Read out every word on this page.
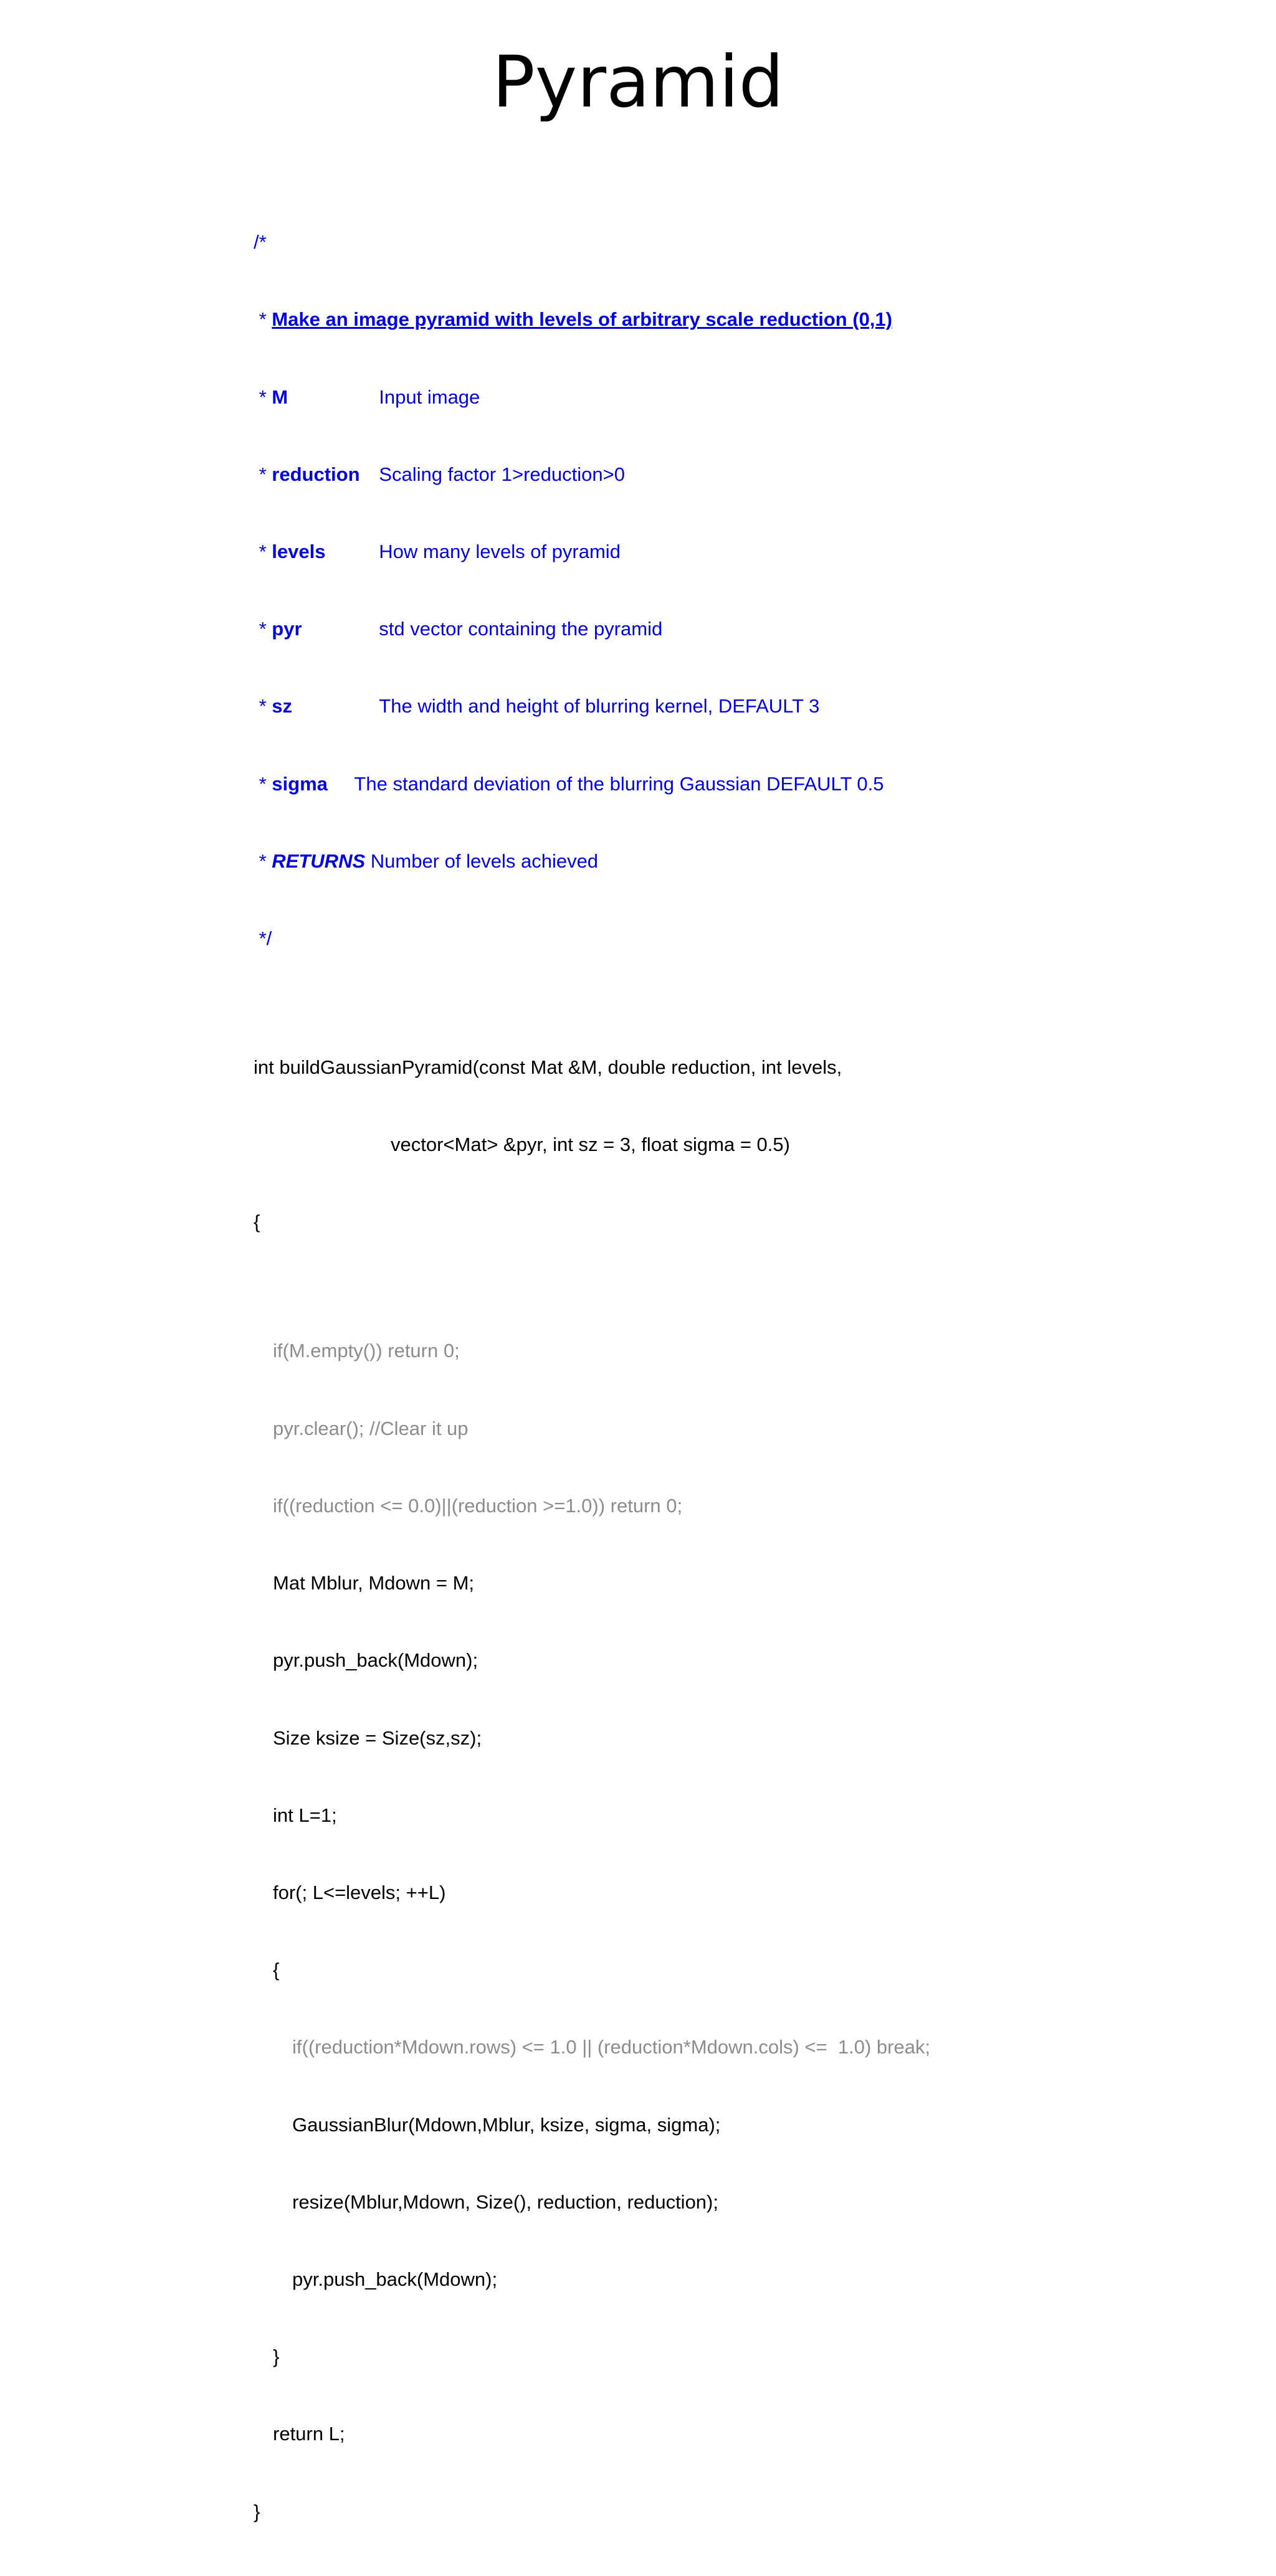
Pyramid

/*

* Make an image pyramid with levels of arbitrary scale reduction (0,1)

* M	Input image

* reduction Scaling factor 1>reduction>0

* levels	How many levels of pyramid

* pyr	std vector containing the pyramid

* sz	The width and height of blurring kernel, DEFAULT 3

* sigma The standard deviation of the blurring Gaussian DEFAULT 0.5

* RETURNS Number of levels achieved

*/

int buildGaussianPyramid(const Mat &M, double reduction, int levels,

vector<Mat> &pyr, int sz = 3, float sigma = 0.5)

{

if(M.empty()) return 0;

pyr.clear(); //Clear it up

if((reduction <= 0.0)||(reduction >=1.0)) return 0;

Mat Mblur, Mdown = M;

pyr.push_back(Mdown);

Size ksize = Size(sz,sz);

int L=1;

for(; L<=levels; ++L)

{

if((reduction*Mdown.rows) <= 1.0 || (reduction*Mdown.cols) <=  1.0) break;

GaussianBlur(Mdown,Mblur, ksize, sigma, sigma);

resize(Mblur,Mdown, Size(), reduction, reduction);

pyr.push_back(Mdown);

}

return L;

}
